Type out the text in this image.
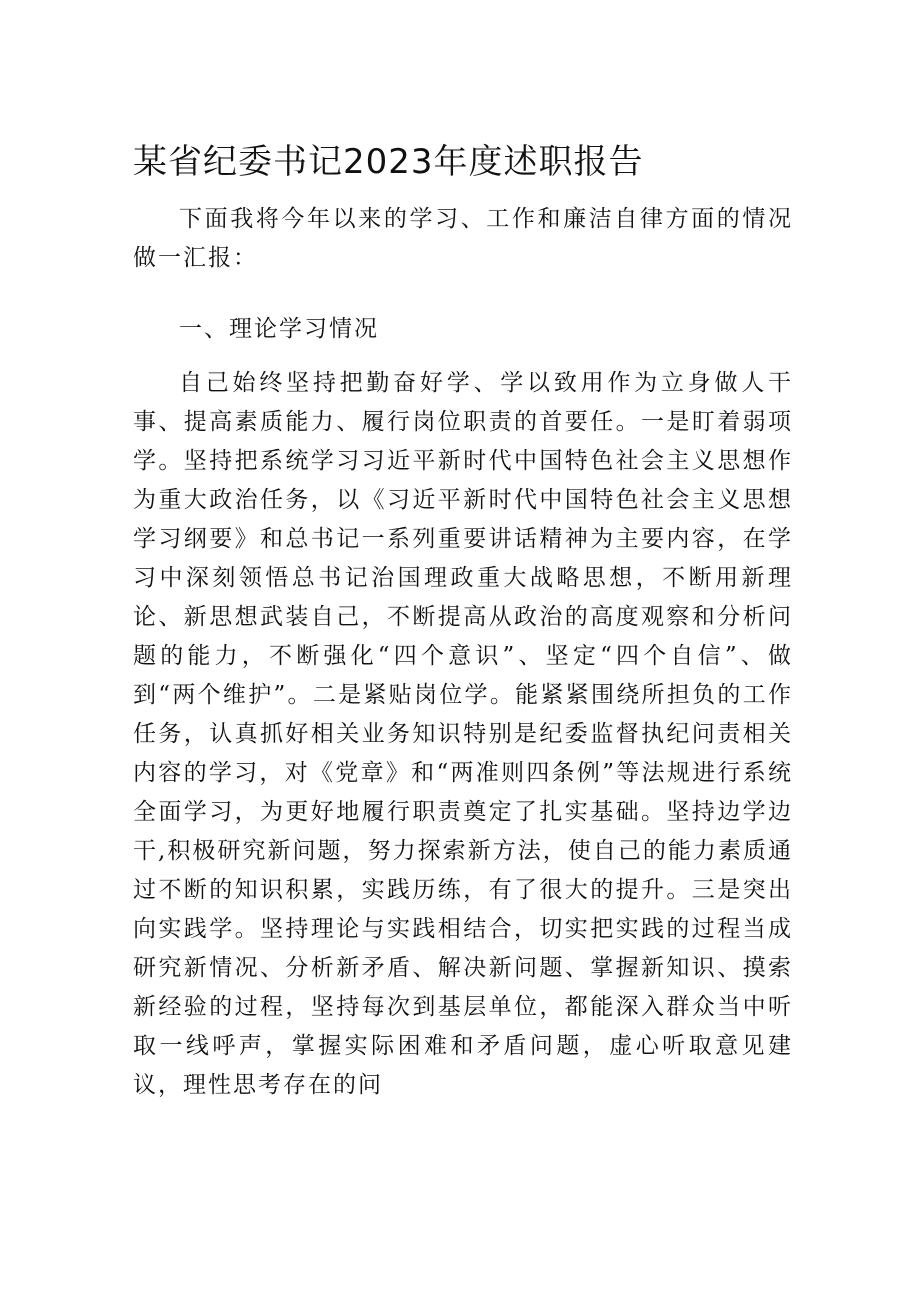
某省纪委书记2023年度述职报告

下面我将今年以来的学习、工作和廉洁自律方面的情况做一汇报：

一、理论学习情况

自己始终坚持把勤奋好学、学以致用作为立身做人干事、提高素质能力、履行岗位职责的首要任。一是盯着弱项学。坚持把系统学习习近平新时代中国特色社会主义思想作为重大政治任务，以《习近平新时代中国特色社会主义思想学习纲要》和总书记一系列重要讲话精神为主要内容，在学习中深刻领悟总书记治国理政重大战略思想，不断用新理论、新思想武装自己，不断提高从政治的高度观察和分析问题的能力，不断强化“四个意识”、坚定“四个自信”、做到“两个维护”。二是紧贴岗位学。能紧紧围绕所担负的工作任务，认真抓好相关业务知识特别是纪委监督执纪问责相关内容的学习，对《党章》和“两准则四条例”等法规进行系统全面学习，为更好地履行职责奠定了扎实基础。坚持边学边干,积极研究新问题，努力探索新方法，使自己的能力素质通过不断的知识积累，实践历练，有了很大的提升。三是突出向实践学。坚持理论与实践相结合，切实把实践的过程当成研究新情况、分析新矛盾、解决新问题、掌握新知识、摸索新经验的过程，坚持每次到基层单位，都能深入群众当中听取一线呼声，掌握实际困难和矛盾问题，虚心听取意见建议，理性思考存在的问
